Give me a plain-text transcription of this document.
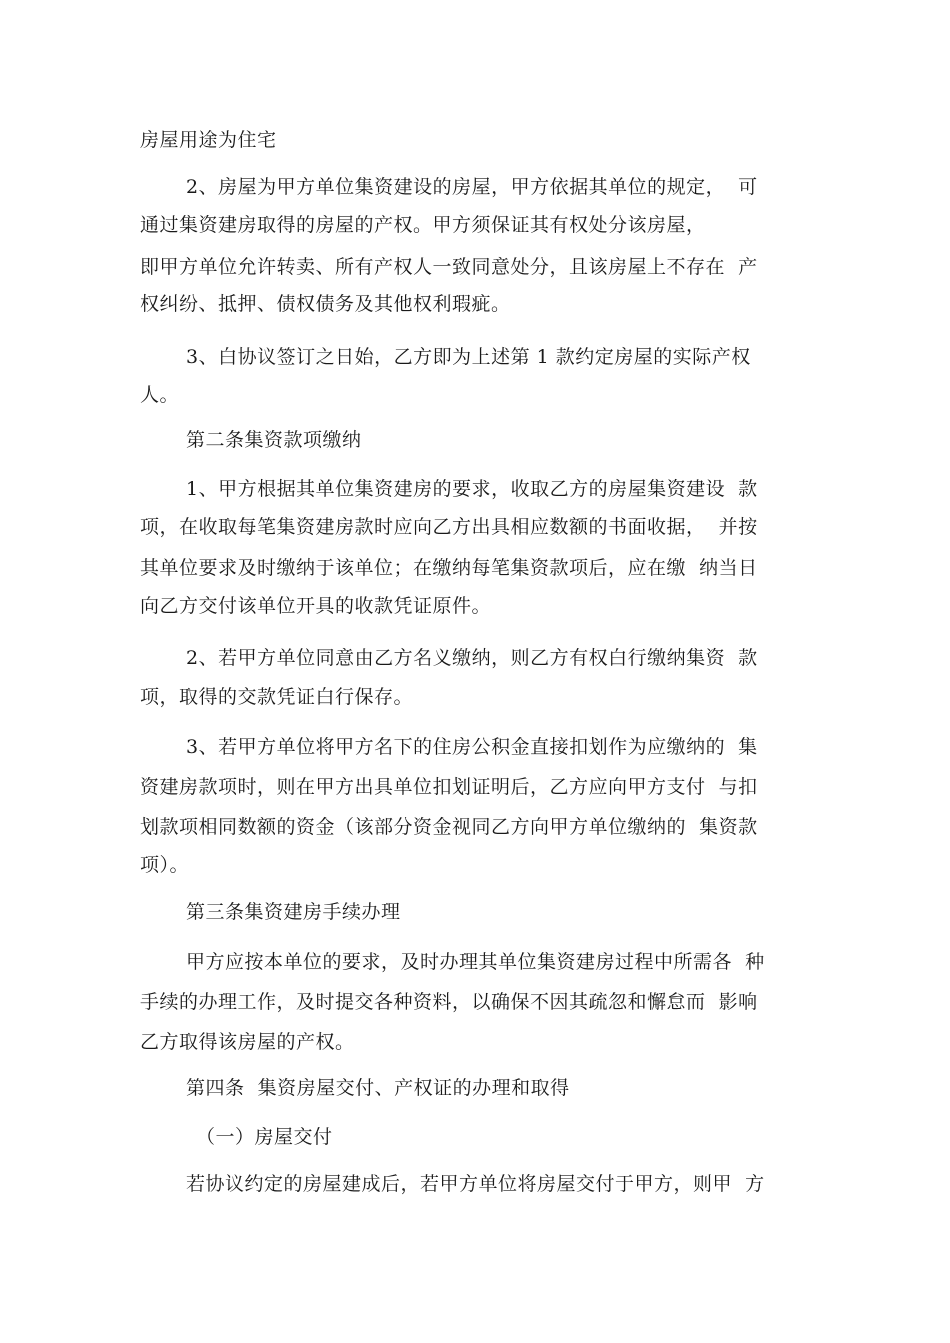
房屋用途为住宅
2、房屋为甲方单位集资建设的房屋，甲方依据其单位的规定，  可
通过集资建房取得的房屋的产权。甲方须保证其有权处分该房屋，
即甲方单位允许转卖、所有产权人一致同意处分，且该房屋上不存在  产
权纠纷、抵押、债权债务及其他权利瑕疵。
3、白协议签订之日始，乙方即为上述第 1 款约定房屋的实际产权
人。
第二条集资款项缴纳
1、甲方根据其单位集资建房的要求，收取乙方的房屋集资建设  款
项，在收取每笔集资建房款时应向乙方出具相应数额的书面收据，  并按
其单位要求及时缴纳于该单位；在缴纳每笔集资款项后，应在缴  纳当日
向乙方交付该单位开具的收款凭证原件。
2、若甲方单位同意由乙方名义缴纳，则乙方有权白行缴纳集资  款
项，取得的交款凭证白行保存。
3、若甲方单位将甲方名下的住房公积金直接扣划作为应缴纳的  集
资建房款项时，则在甲方出具单位扣划证明后，乙方应向甲方支付  与扣
划款项相同数额的资金（该部分资金视同乙方向甲方单位缴纳的  集资款
项）。
第三条集资建房手续办理
甲方应按本单位的要求，及时办理其单位集资建房过程中所需各  种
手续的办理工作，及时提交各种资料，以确保不因其疏忽和懈怠而  影响
乙方取得该房屋的产权。
第四条  集资房屋交付、产权证的办理和取得
（一）房屋交付
若协议约定的房屋建成后，若甲方单位将房屋交付于甲方，则甲  方
